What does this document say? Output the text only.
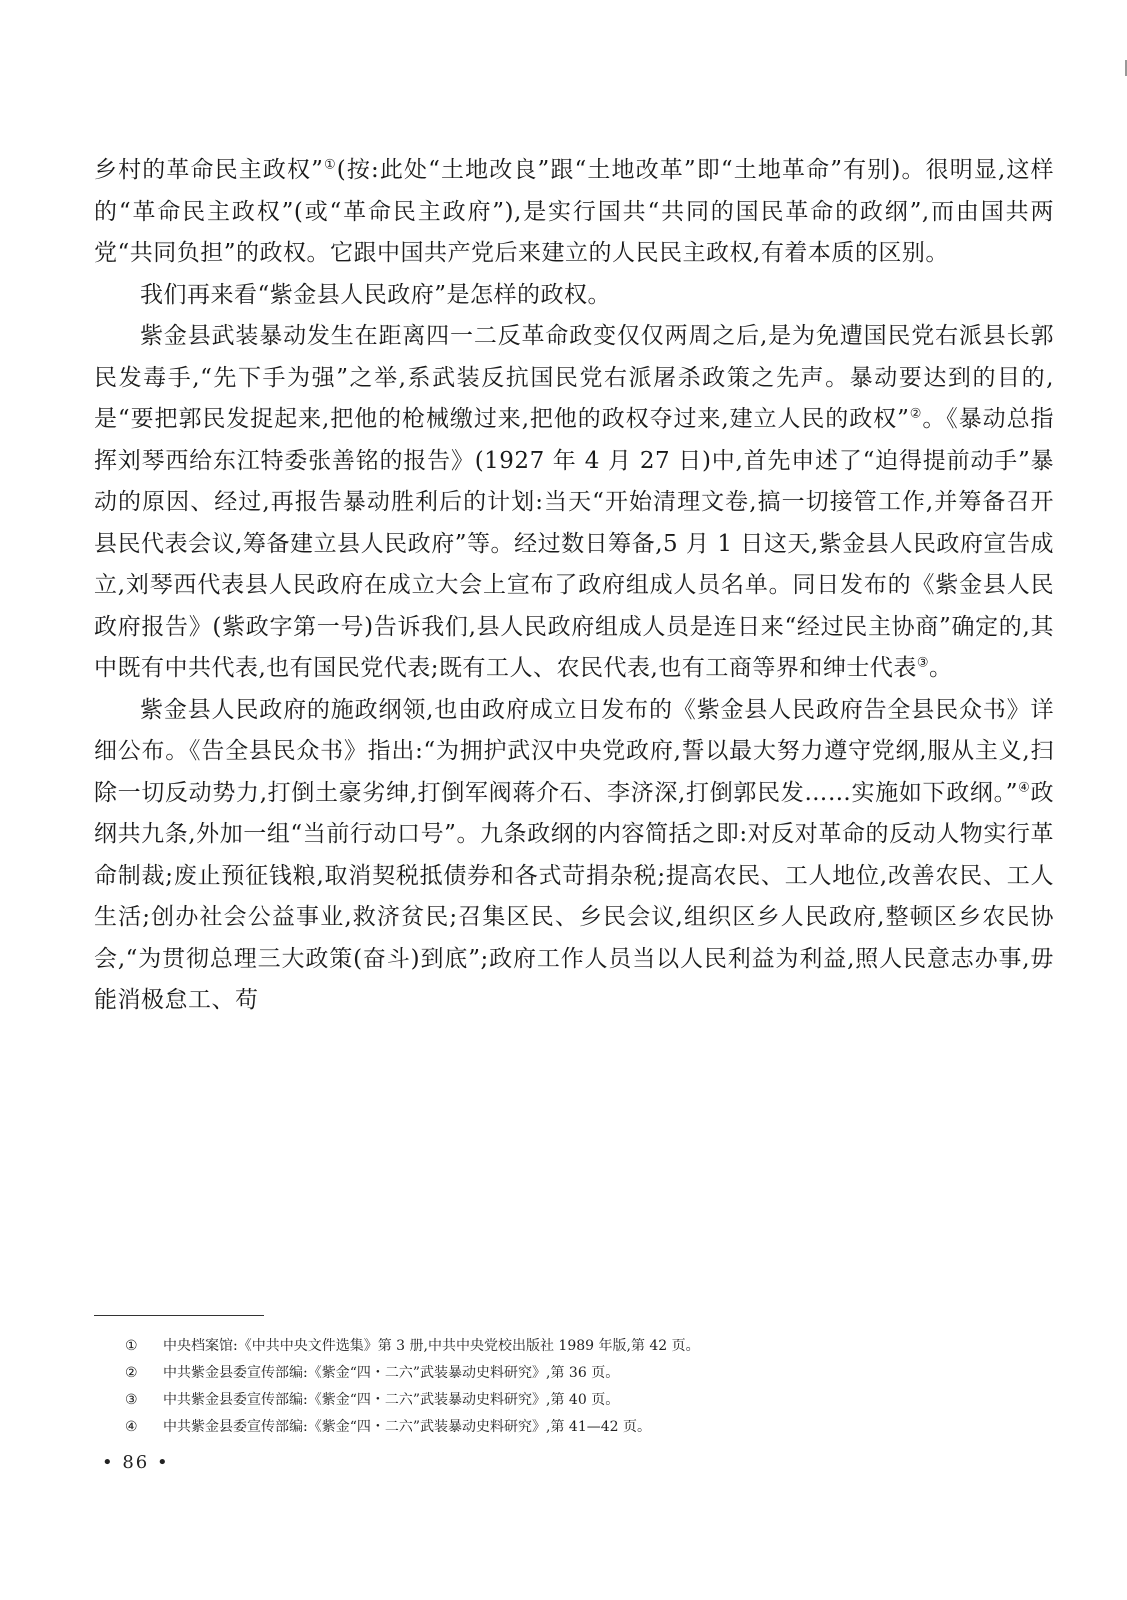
乡村的革命民主政权”①(按:此处“土地改良”跟“土地改革”即“土地革命”有别)。很明显,这样的“革命民主政权”(或“革命民主政府”),是实行国共“共同的国民革命的政纲”,而由国共两党“共同负担”的政权。它跟中国共产党后来建立的人民民主政权,有着本质的区别。

我们再来看“紫金县人民政府”是怎样的政权。

紫金县武装暴动发生在距离四一二反革命政变仅仅两周之后,是为免遭国民党右派县长郭民发毒手,“先下手为强”之举,系武装反抗国民党右派屠杀政策之先声。暴动要达到的目的,是“要把郭民发捉起来,把他的枪械缴过来,把他的政权夺过来,建立人民的政权”②。《暴动总指挥刘琴西给东江特委张善铭的报告》(1927 年 4 月 27 日)中,首先申述了“迫得提前动手”暴动的原因、经过,再报告暴动胜利后的计划:当天“开始清理文卷,搞一切接管工作,并筹备召开县民代表会议,筹备建立县人民政府”等。经过数日筹备,5 月 1 日这天,紫金县人民政府宣告成立,刘琴西代表县人民政府在成立大会上宣布了政府组成人员名单。同日发布的《紫金县人民政府报告》(紫政字第一号)告诉我们,县人民政府组成人员是连日来“经过民主协商”确定的,其中既有中共代表,也有国民党代表;既有工人、农民代表,也有工商等界和绅士代表③。

紫金县人民政府的施政纲领,也由政府成立日发布的《紫金县人民政府告全县民众书》详细公布。《告全县民众书》指出:“为拥护武汉中央党政府,誓以最大努力遵守党纲,服从主义,扫除一切反动势力,打倒土豪劣绅,打倒军阀蒋介石、李济深,打倒郭民发……实施如下政纲。”④政纲共九条,外加一组“当前行动口号”。九条政纲的内容简括之即:对反对革命的反动人物实行革命制裁;废止预征钱粮,取消契税抵债券和各式苛捐杂税;提高农民、工人地位,改善农民、工人生活;创办社会公益事业,救济贫民;召集区民、乡民会议,组织区乡人民政府,整顿区乡农民协会,“为贯彻总理三大政策(奋斗)到底”;政府工作人员当以人民利益为利益,照人民意志办事,毋能消极怠工、苟

①	中央档案馆:《中共中央文件选集》第 3 册,中共中央党校出版社 1989 年版,第 42 页。
②	中共紫金县委宣传部编:《紫金“四・二六”武装暴动史料研究》,第 36 页。
③	中共紫金县委宣传部编:《紫金“四・二六”武装暴动史料研究》,第 40 页。
④	中共紫金县委宣传部编:《紫金“四・二六”武装暴动史料研究》,第 41—42 页。
• 86 •
